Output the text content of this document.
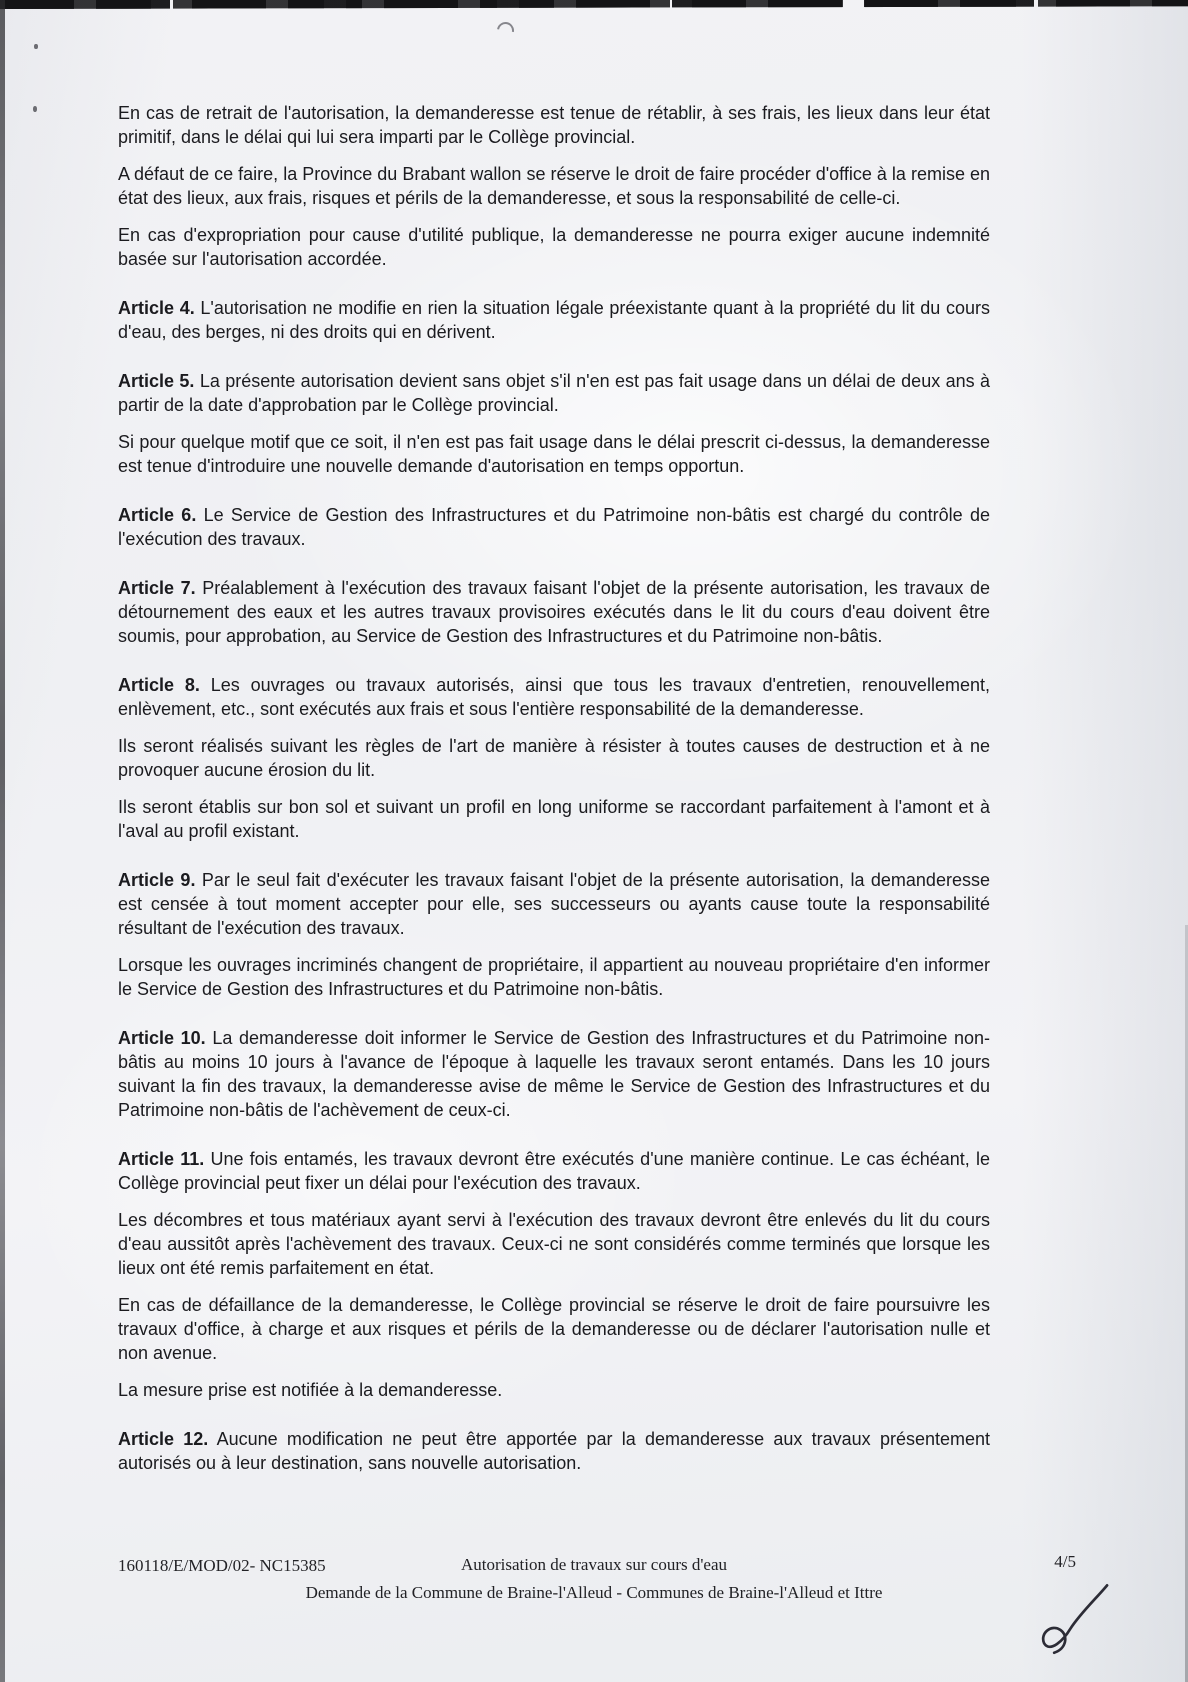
En cas de retrait de l'autorisation, la demanderesse est tenue de rétablir, à ses frais, les lieux dans leur état primitif, dans le délai qui lui sera imparti par le Collège provincial.

A défaut de ce faire, la Province du Brabant wallon se réserve le droit de faire procéder d'office à la remise en état des lieux, aux frais, risques et périls de la demanderesse, et sous la responsabilité de celle-ci.

En cas d'expropriation pour cause d'utilité publique, la demanderesse ne pourra exiger aucune indemnité basée sur l'autorisation accordée.

Article 4. L'autorisation ne modifie en rien la situation légale préexistante quant à la propriété du lit du cours d'eau, des berges, ni des droits qui en dérivent.

Article 5. La présente autorisation devient sans objet s'il n'en est pas fait usage dans un délai de deux ans à partir de la date d'approbation par le Collège provincial.

Si pour quelque motif que ce soit, il n'en est pas fait usage dans le délai prescrit ci-dessus, la demanderesse est tenue d'introduire une nouvelle demande d'autorisation en temps opportun.

Article 6. Le Service de Gestion des Infrastructures et du Patrimoine non-bâtis est chargé du contrôle de l'exécution des travaux.

Article 7. Préalablement à l'exécution des travaux faisant l'objet de la présente autorisation, les travaux de détournement des eaux et les autres travaux provisoires exécutés dans le lit du cours d'eau doivent être soumis, pour approbation, au Service de Gestion des Infrastructures et du Patrimoine non-bâtis.

Article 8. Les ouvrages ou travaux autorisés, ainsi que tous les travaux d'entretien, renouvellement, enlèvement, etc., sont exécutés aux frais et sous l'entière responsabilité de la demanderesse.

Ils seront réalisés suivant les règles de l'art de manière à résister à toutes causes de destruction et à ne provoquer aucune érosion du lit.

Ils seront établis sur bon sol et suivant un profil en long uniforme se raccordant parfaitement à l'amont et à l'aval au profil existant.

Article 9. Par le seul fait d'exécuter les travaux faisant l'objet de la présente autorisation, la demanderesse est censée à tout moment accepter pour elle, ses successeurs ou ayants cause toute la responsabilité résultant de l'exécution des travaux.

Lorsque les ouvrages incriminés changent de propriétaire, il appartient au nouveau propriétaire d'en informer le Service de Gestion des Infrastructures et du Patrimoine non-bâtis.

Article 10. La demanderesse doit informer le Service de Gestion des Infrastructures et du Patrimoine non-bâtis au moins 10 jours à l'avance de l'époque à laquelle les travaux seront entamés. Dans les 10 jours suivant la fin des travaux, la demanderesse avise de même le Service de Gestion des Infrastructures et du Patrimoine non-bâtis de l'achèvement de ceux-ci.

Article 11. Une fois entamés, les travaux devront être exécutés d'une manière continue. Le cas échéant, le Collège provincial peut fixer un délai pour l'exécution des travaux.

Les décombres et tous matériaux ayant servi à l'exécution des travaux devront être enlevés du lit du cours d'eau aussitôt après l'achèvement des travaux. Ceux-ci ne sont considérés comme terminés que lorsque les lieux ont été remis parfaitement en état.

En cas de défaillance de la demanderesse, le Collège provincial se réserve le droit de faire poursuivre les travaux d'office, à charge et aux risques et périls de la demanderesse ou de déclarer l'autorisation nulle et non avenue.

La mesure prise est notifiée à la demanderesse.

Article 12. Aucune modification ne peut être apportée par la demanderesse aux travaux présentement autorisés ou à leur destination, sans nouvelle autorisation.

160118/E/MOD/02- NC15385	Autorisation de travaux sur cours d'eau	4/5
Demande de la Commune de Braine-l'Alleud - Communes de Braine-l'Alleud et Ittre
